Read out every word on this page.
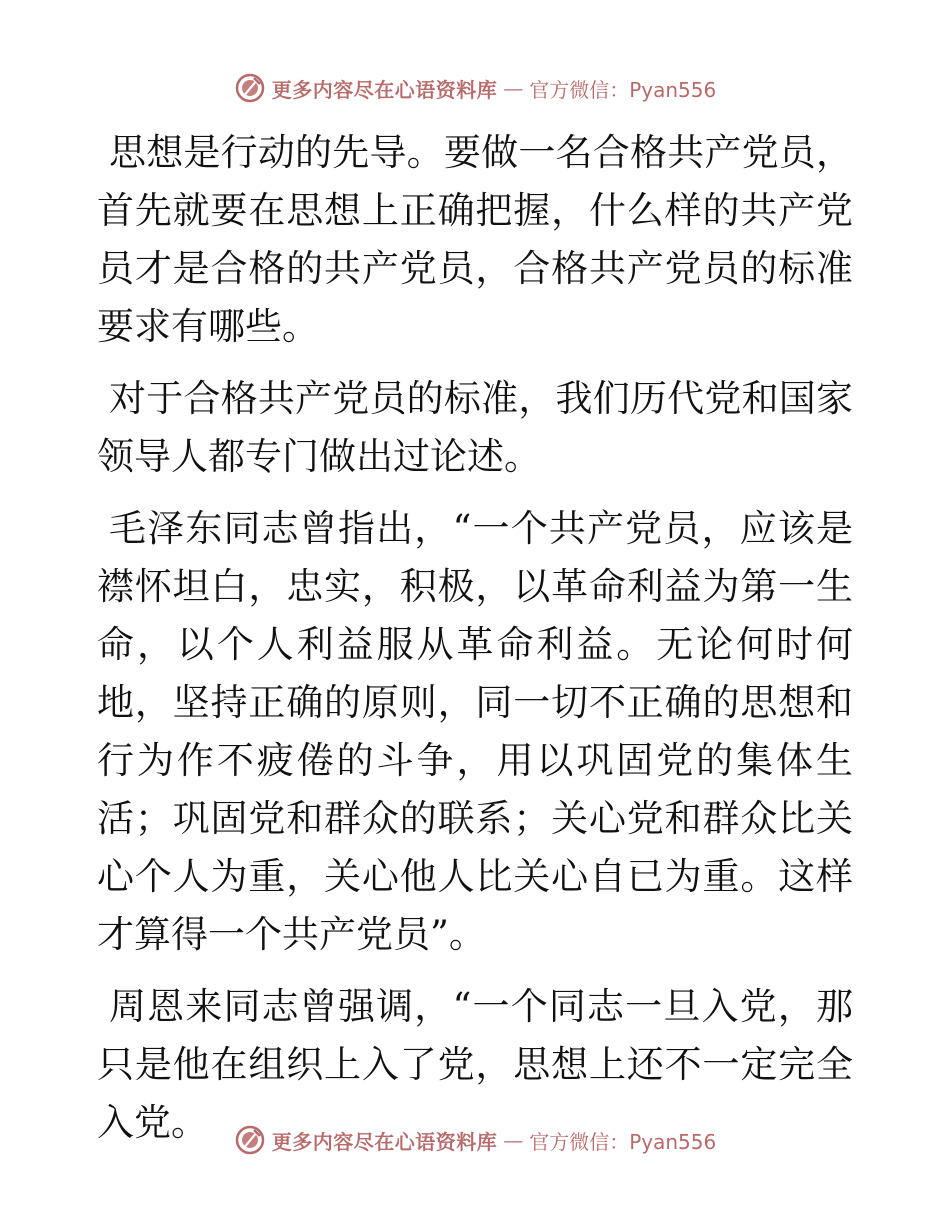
更多内容尽在心语资料库 — 官方微信：Pyan556

思想是行动的先导。要做一名合格共产党员，首先就要在思想上正确把握，什么样的共产党员才是合格的共产党员，合格共产党员的标准要求有哪些。

对于合格共产党员的标准，我们历代党和国家领导人都专门做出过论述。

毛泽东同志曾指出，“一个共产党员，应该是襟怀坦白，忠实，积极，以革命利益为第一生命，以个人利益服从革命利益。无论何时何地，坚持正确的原则，同一切不正确的思想和行为作不疲倦的斗争，用以巩固党的集体生活；巩固党和群众的联系；关心党和群众比关心个人为重，关心他人比关心自已为重。这样才算得一个共产党员”。

周恩来同志曾强调，“一个同志一旦入党，那只是他在组织上入了党，思想上还不一定完全入党。	更多内容尽在心语资料库 — 官方微信：Pyan556
